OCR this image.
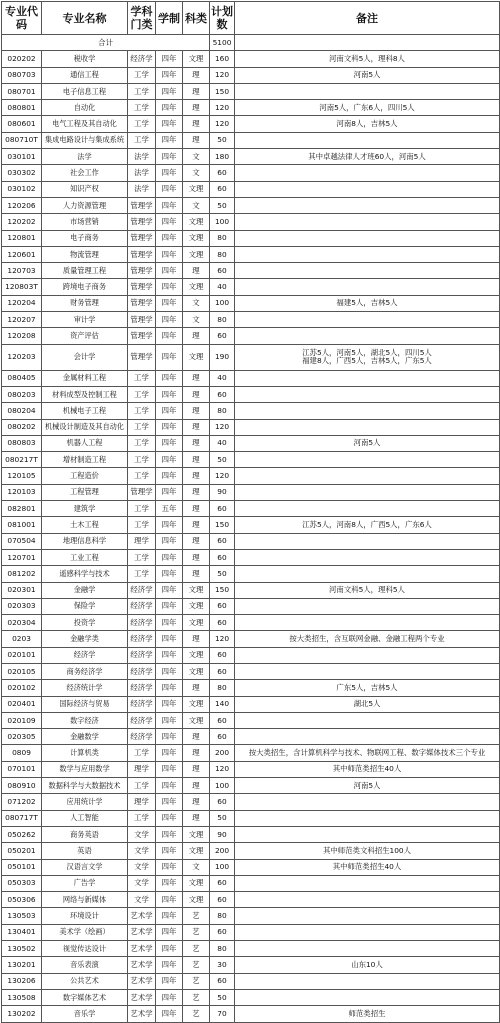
专业代码	专业名称	学科门类	学制	科类	计划数	备注
合计					5100	
020202	税收学	经济学	四年	文理	160	河南文科5人，理科8人
080703	通信工程	工学	四年	理	120	河南5人
080701	电子信息工程	工学	四年	理	150	
080801	自动化	工学	四年	理	120	河南5人，广东6人，四川5人
080601	电气工程及其自动化	工学	四年	理	120	河南8人，吉林5人
080710T	集成电路设计与集成系统	工学	四年	理	50	
030101	法学	法学	四年	文	180	其中卓越法律人才班60人，河南5人
030302	社会工作	法学	四年	文	60	
030102	知识产权	法学	四年	文理	60	
120206	人力资源管理	管理学	四年	文	50	
120202	市场营销	管理学	四年	文理	100	
120801	电子商务	管理学	四年	文理	80	
120601	物流管理	管理学	四年	文理	80	
120703	质量管理工程	管理学	四年	理	60	
120803T	跨境电子商务	管理学	四年	文理	40	
120204	财务管理	管理学	四年	文	100	福建5人，吉林5人
120207	审计学	管理学	四年	文	80	
120208	资产评估	管理学	四年	理	60	
120203	会计学	管理学	四年	文理	190	江苏5人，河南5人，湖北5人，四川5人
福建8人，广西5人，吉林5人，广东5人
080405	金属材料工程	工学	四年	理	40	
080203	材料成型及控制工程	工学	四年	理	60	
080204	机械电子工程	工学	四年	理	80	
080202	机械设计制造及其自动化	工学	四年	理	120	
080803	机器人工程	工学	四年	理	40	河南5人
080217T	增材制造工程	工学	四年	理	50	
120105	工程造价	工学	四年	理	120	
120103	工程管理	管理学	四年	理	90	
082801	建筑学	工学	五年	理	60	
081001	土木工程	工学	四年	理	150	江苏5人，河南8人，广西5人，广东6人
070504	地理信息科学	理学	四年	理	60	
120701	工业工程	工学	四年	理	60	
081202	遥感科学与技术	工学	四年	理	50	
020301	金融学	经济学	四年	文理	150	河南文科5人，理科5人
020303	保险学	经济学	四年	文理	60	
020304	投资学	经济学	四年	文理	60	
0203	金融学类	经济学	四年	理	120	按大类招生，含互联网金融、金融工程两个专业
020101	经济学	经济学	四年	文理	60	
020105	商务经济学	经济学	四年	文理	60	
020102	经济统计学	经济学	四年	理	80	广东5人，吉林5人
020401	国际经济与贸易	经济学	四年	文理	140	湖北5人
020109	数字经济	经济学	四年	文理	60	
020305	金融数学	经济学	四年	理	60	
0809	计算机类	工学	四年	理	200	按大类招生，含计算机科学与技术、物联网工程、数字媒体技术三个专业
070101	数学与应用数学	理学	四年	理	120	其中师范类招生40人
080910	数据科学与大数据技术	工学	四年	理	100	河南5人
071202	应用统计学	理学	四年	理	60	
080717T	人工智能	工学	四年	理	50	
050262	商务英语	文学	四年	文理	90	
050201	英语	文学	四年	文理	200	其中师范类文科招生100人
050101	汉语言文学	文学	四年	文	100	其中师范类招生40人
050303	广告学	文学	四年	文理	60	
050306	网络与新媒体	文学	四年	文理	60	
130503	环境设计	艺术学	四年	艺	80	
130401	美术学（绘画）	艺术学	四年	艺	60	
130502	视觉传达设计	艺术学	四年	艺	80	
130201	音乐表演	艺术学	四年	艺	30	山东10人
130206	公共艺术	艺术学	四年	艺	60	
130508	数字媒体艺术	艺术学	四年	艺	50	
130202	音乐学	艺术学	四年	艺	70	师范类招生
